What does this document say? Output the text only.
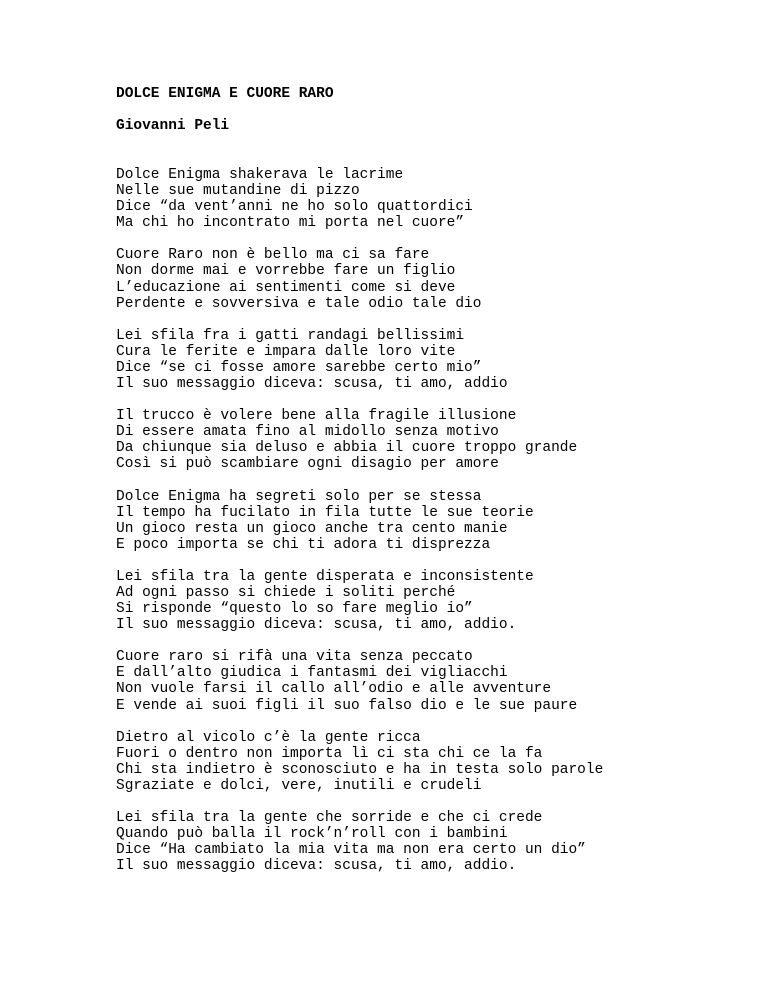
DOLCE ENIGMA E CUORE RARO
Giovanni Peli
Dolce Enigma shakerava le lacrime
Nelle sue mutandine di pizzo
Dice “da vent’anni ne ho solo quattordici
Ma chi ho incontrato mi porta nel cuore”
Cuore Raro non è bello ma ci sa fare
Non dorme mai e vorrebbe fare un figlio
L’educazione ai sentimenti come si deve
Perdente e sovversiva e tale odio tale dio
Lei sfila fra i gatti randagi bellissimi
Cura le ferite e impara dalle loro vite
Dice “se ci fosse amore sarebbe certo mio”
Il suo messaggio diceva: scusa, ti amo, addio
Il trucco è volere bene alla fragile illusione
Di essere amata fino al midollo senza motivo
Da chiunque sia deluso e abbia il cuore troppo grande
Così si può scambiare ogni disagio per amore
Dolce Enigma ha segreti solo per se stessa
Il tempo ha fucilato in fila tutte le sue teorie
Un gioco resta un gioco anche tra cento manie
E poco importa se chi ti adora ti disprezza
Lei sfila tra la gente disperata e inconsistente
Ad ogni passo si chiede i soliti perché
Si risponde “questo lo so fare meglio io”
Il suo messaggio diceva: scusa, ti amo, addio.
Cuore raro si rifà una vita senza peccato
E dall’alto giudica i fantasmi dei vigliacchi
Non vuole farsi il callo all’odio e alle avventure
E vende ai suoi figli il suo falso dio e le sue paure
Dietro al vicolo c’è la gente ricca
Fuori o dentro non importa lì ci sta chi ce la fa
Chi sta indietro è sconosciuto e ha in testa solo parole
Sgraziate e dolci, vere, inutili e crudeli
Lei sfila tra la gente che sorride e che ci crede
Quando può balla il rock’n’roll con i bambini
Dice “Ha cambiato la mia vita ma non era certo un dio”
Il suo messaggio diceva: scusa, ti amo, addio.
